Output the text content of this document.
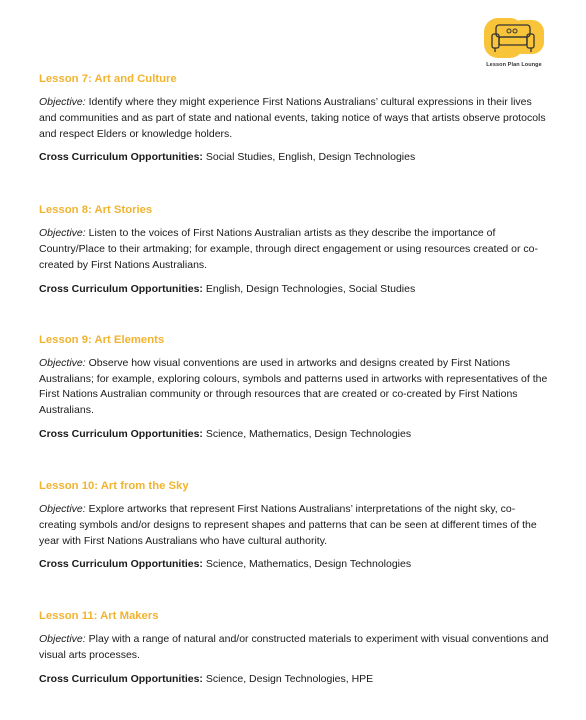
Lesson Plan Lounge
Lesson 7: Art and Culture

Objective: Identify where they might experience First Nations Australians’ cultural expressions in their lives and communities and as part of state and national events, taking notice of ways that artists observe protocols and respect Elders or knowledge holders.

Cross Curriculum Opportunities: Social Studies, English, Design Technologies

Lesson 8: Art Stories

Objective: Listen to the voices of First Nations Australian artists as they describe the importance of Country/Place to their artmaking; for example, through direct engagement or using resources created or co-created by First Nations Australians.

Cross Curriculum Opportunities: English, Design Technologies, Social Studies

Lesson 9: Art Elements

Objective: Observe how visual conventions are used in artworks and designs created by First Nations Australians; for example, exploring colours, symbols and patterns used in artworks with representatives of the First Nations Australian community or through resources that are created or co-created by First Nations Australians.

Cross Curriculum Opportunities: Science, Mathematics, Design Technologies

Lesson 10: Art from the Sky

Objective: Explore artworks that represent First Nations Australians’ interpretations of the night sky, co-creating symbols and/or designs to represent shapes and patterns that can be seen at different times of the year with First Nations Australians who have cultural authority.

Cross Curriculum Opportunities: Science, Mathematics, Design Technologies

Lesson 11: Art Makers

Objective: Play with a range of natural and/or constructed materials to experiment with visual conventions and visual arts processes.

Cross Curriculum Opportunities: Science, Design Technologies, HPE
